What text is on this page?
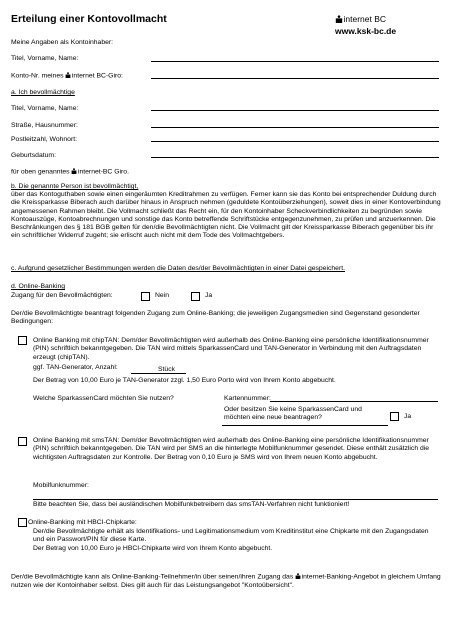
Erteilung einer Kontovollmacht	internet BC
www.ksk-bc.de
Meine Angaben als Kontoinhaber:
Titel, Vorname, Name:
Konto-Nr. meines internet BC-Giro:
a. Ich bevollmächtige
Titel, Vorname, Name:
Straße, Hausnummer:
Postleitzahl, Wohnort:
Geburtsdatum:
für oben genanntes internet-BC Giro.
b. Die genannte Person ist bevollmächtigt,
über das Kontoguthaben sowie einen eingeräumten Kreditrahmen zu verfügen. Ferner kann sie das Konto bei entsprechender Duldung durch die Kreissparkasse Biberach auch darüber hinaus in Anspruch nehmen (geduldete Kontoüberziehungen), soweit dies in einer Kontoverbindung angemessenen Rahmen bleibt. Die Vollmacht schließt das Recht ein, für den Kontoinhaber Scheckverbindlichkeiten zu begründen sowie Kontoauszüge, Kontoabrechnungen und sonstige das Konto betreffende Schriftstücke entgegenzunehmen, zu prüfen und anzuerkennen. Die Beschränkungen des § 181 BGB gelten für den/die Bevollmächtigten nicht. Die Vollmacht gilt der Kreissparkasse Biberach gegenüber bis ihr ein schriftlicher Widerruf zugeht; sie erlischt auch nicht mit dem Tode des Vollmachtgebers.
c. Aufgrund gesetzlicher Bestimmungen werden die Daten des/der Bevollmächtigten in einer Datei gespeichert.
d. Online-Banking
Zugang für den Bevollmächtigten:	Nein	Ja
Der/die Bevollmächtigte beantragt folgenden Zugang zum Online-Banking; die jeweiligen Zugangsmedien sind Gegenstand gesonderter Bedingungen:
Online Banking mit chipTAN: Dem/der Bevollmächtigten wird außerhalb des Online-Banking eine persönliche Identifikationsnummer (PIN) schriftlich bekanntgegeben. Die TAN wird mittels SparkassenCard und TAN-Generator in Verbindung mit den Auftragsdaten erzeugt (chipTAN).
ggf. TAN-Generator, Anzahl:	Stück
Der Betrag von 10,00 Euro je TAN-Generator zzgl. 1,50 Euro Porto wird von Ihrem Konto abgebucht.
Welche SparkassenCard möchten Sie nutzen?	Kartennummer:
Oder besitzen Sie keine SparkassenCard und möchten eine neue beantragen?	Ja
Online Banking mit smsTAN: Dem/der Bevollmächtigten wird außerhalb des Online-Banking eine persönliche Identifikationsnummer (PIN) schriftlich bekanntgegeben. Die TAN wird per SMS an die hinterlegte Mobilfunknummer gesendet. Diese enthält zusätzlich die wichtigsten Auftragsdaten zur Kontrolle. Der Betrag von 0,10 Euro je SMS wird von Ihrem neuen Konto abgebucht.
Mobilfunknummer:
Bitte beachten Sie, dass bei ausländischen Mobilfunkbetreibern das smsTAN-Verfahren nicht funktioniert!
Online-Banking mit HBCI-Chipkarte:
Der/die Bevollmächtigte erhält als Identifikations- und Legitimationsmedium vom Kreditinstitut eine Chipkarte mit den Zugangsdaten und ein Passwort/PIN für diese Karte.
Der Betrag von 10,00 Euro je HBCI-Chipkarte wird von Ihrem Konto abgebucht.
Der/die Bevollmächtigte kann als Online-Banking-Teilnehmer/in über seinen/ihren Zugang das internet-Banking-Angebot in gleichem Umfang nutzen wie der Kontoinhaber selbst. Dies gilt auch für das Leistungsangebot "Kontoübersicht".
